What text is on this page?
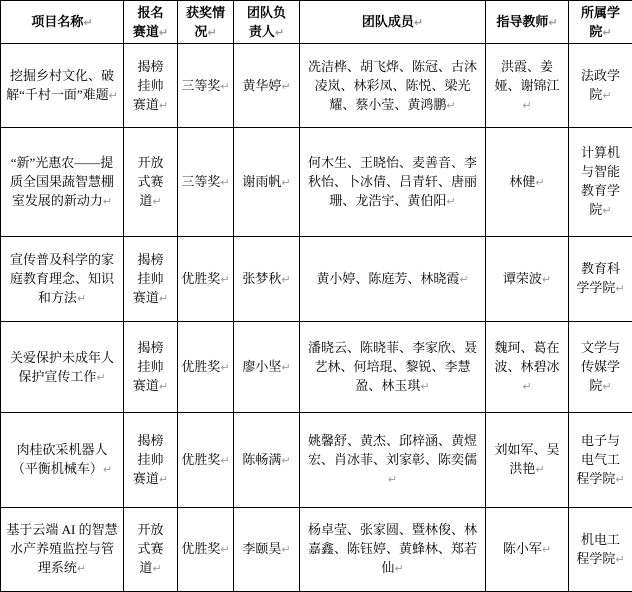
项目名称↵	报名赛道↵	获奖情况↵	团队负责人↵	团队成员↵	指导教师↵	所属学院↵
挖掘乡村文化、破解“千村一面”难题↵	揭榜挂帅赛道↵	三等奖↵	黄华婷↵	冼洁桦、胡飞烨、陈冠、古沐凌岚、林彩凤、陈悦、梁光耀、蔡小莹、黄鸿鹏↵	洪霞、姜娅、谢锦江↵	法政学院↵
“新”光惠农——提质全国果蔬智慧棚室发展的新动力↵	开放式赛道↵	三等奖↵	谢雨帆↵	何木生、王晓怡、麦善音、李秋怡、卜冰倩、吕青轩、唐丽珊、龙浩宇、黄伯阳↵	林健↵	计算机与智能教育学院↵
宣传普及科学的家庭教育理念、知识和方法↵	揭榜挂帅赛道↵	优胜奖↵	张梦秋↵	黄小婷、陈庭芳、林晓霞↵	谭荣波↵	教育科学学院↵
关爱保护未成年人保护宣传工作↵	揭榜挂帅赛道↵	优胜奖↵	廖小坚↵	潘晓云、陈晓菲、李家欣、聂艺林、何培琨、黎锐、李慧盈、林玉琪↵	魏珂、葛在波、林碧冰↵	文学与传媒学院↵
肉桂砍采机器人（平衡机械车）↵	揭榜挂帅赛道↵	优胜奖↵	陈畅满↵	姚馨舒、黄杰、邱梓涵、黄煜宏、肖冰菲、刘家彰、陈奕儒↵	刘如军、吴洪艳↵	电子与电气工程学院↵
基于云端 AI 的智慧水产养殖监控与管理系统↵	开放式赛道↵	优胜奖↵	李颐昊↵	杨卓莹、张家圆、暨林俊、林嘉鑫、陈钰婷、黄蜂林、郑若仙↵	陈小军↵	机电工程学院↵
